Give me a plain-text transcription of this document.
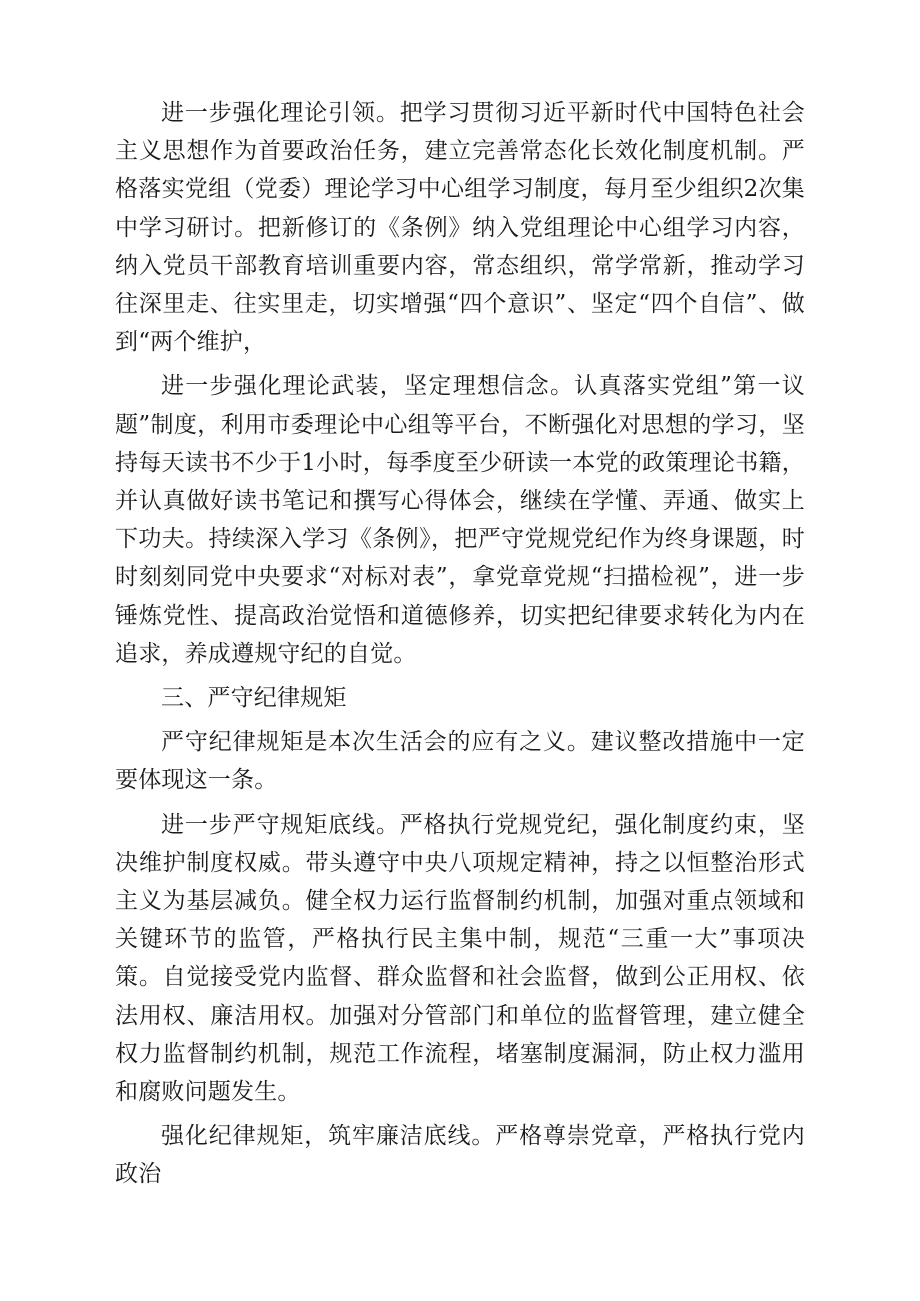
进一步强化理论引领。把学习贯彻习近平新时代中国特色社会主义思想作为首要政治任务，建立完善常态化长效化制度机制。严格落实党组（党委）理论学习中心组学习制度，每月至少组织2次集中学习研讨。把新修订的《条例》纳入党组理论中心组学习内容，纳入党员干部教育培训重要内容，常态组织，常学常新，推动学习往深里走、往实里走，切实增强“四个意识”、坚定“四个自信”、做到“两个维护，

进一步强化理论武装，坚定理想信念。认真落实党组”第一议题”制度，利用市委理论中心组等平台，不断强化对思想的学习，坚持每天读书不少于1小时，每季度至少研读一本党的政策理论书籍，并认真做好读书笔记和撰写心得体会，继续在学懂、弄通、做实上下功夫。持续深入学习《条例》，把严守党规党纪作为终身课题，时时刻刻同党中央要求“对标对表”，拿党章党规“扫描检视”，进一步锤炼党性、提高政治觉悟和道德修养，切实把纪律要求转化为内在追求，养成遵规守纪的自觉。

三、严守纪律规矩

严守纪律规矩是本次生活会的应有之义。建议整改措施中一定要体现这一条。

进一步严守规矩底线。严格执行党规党纪，强化制度约束，坚决维护制度权威。带头遵守中央八项规定精神，持之以恒整治形式主义为基层减负。健全权力运行监督制约机制，加强对重点领域和关键环节的监管，严格执行民主集中制，规范“三重一大”事项决策。自觉接受党内监督、群众监督和社会监督，做到公正用权、依法用权、廉洁用权。加强对分管部门和单位的监督管理，建立健全权力监督制约机制，规范工作流程，堵塞制度漏洞，防止权力滥用和腐败问题发生。

强化纪律规矩，筑牢廉洁底线。严格尊崇党章，严格执行党内政治
